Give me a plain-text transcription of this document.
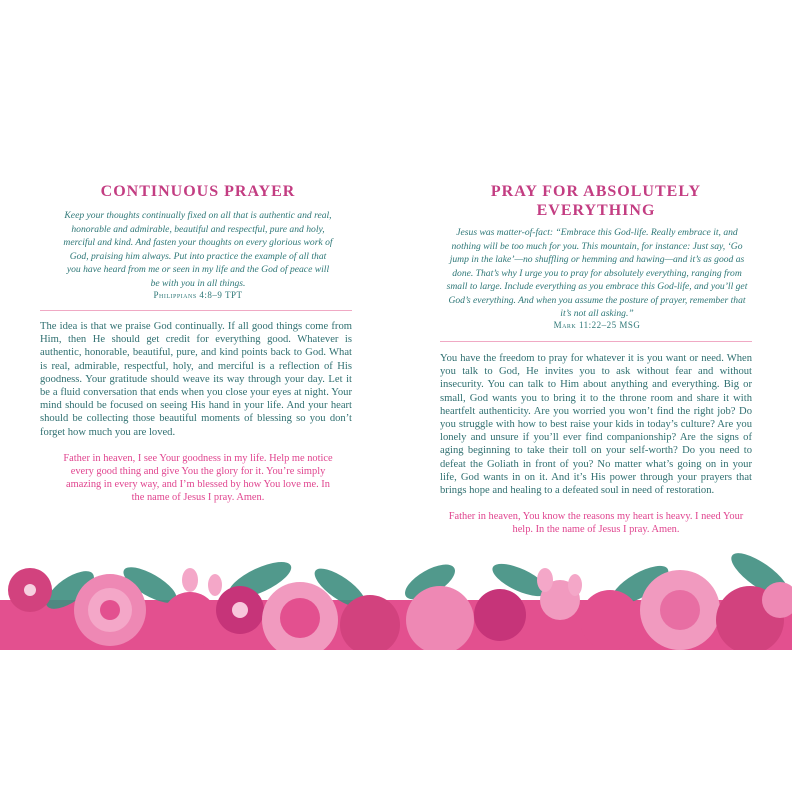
CONTINUOUS PRAYER

Keep your thoughts continually fixed on all that is authentic and real, honorable and admirable, beautiful and respectful, pure and holy, merciful and kind. And fasten your thoughts on every glorious work of God, praising him always. Put into practice the example of all that you have heard from me or seen in my life and the God of peace will be with you in all things.

Philippians 4:8–9 TPT

The idea is that we praise God continually. If all good things come from Him, then He should get credit for everything good. Whatever is authentic, honorable, beautiful, pure, and kind points back to God. What is real, admirable, respectful, holy, and merciful is a reflection of His goodness. Your gratitude should weave its way through your day. Let it be a fluid conversation that ends when you close your eyes at night. Your mind should be focused on seeing His hand in your life. And your heart should be collecting those beautiful moments of blessing so you don’t forget how much you are loved.

Father in heaven, I see Your goodness in my life. Help me notice every good thing and give You the glory for it. You’re simply amazing in every way, and I’m blessed by how You love me. In the name of Jesus I pray. Amen.

PRAY FOR ABSOLUTELY EVERYTHING

Jesus was matter-of-fact: “Embrace this God-life. Really embrace it, and nothing will be too much for you. This mountain, for instance: Just say, ‘Go jump in the lake’—no shuffling or hemming and hawing—and it’s as good as done. That’s why I urge you to pray for absolutely everything, ranging from small to large. Include everything as you embrace this God-life, and you’ll get God’s everything. And when you assume the posture of prayer, remember that it’s not all asking.”

Mark 11:22–25 MSG

You have the freedom to pray for whatever it is you want or need. When you talk to God, He invites you to ask without fear and without insecurity. You can talk to Him about anything and everything. Big or small, God wants you to bring it to the throne room and share it with heartfelt authenticity. Are you worried you won’t find the right job? Do you struggle with how to best raise your kids in today’s culture? Are you lonely and unsure if you’ll ever find companionship? Are the signs of aging beginning to take their toll on your self-worth? Do you need to defeat the Goliath in front of you? No matter what’s going on in your life, God wants in on it. And it’s His power through your prayers that brings hope and healing to a defeated soul in need of restoration.

Father in heaven, You know the reasons my heart is heavy. I need Your help. In the name of Jesus I pray. Amen.
